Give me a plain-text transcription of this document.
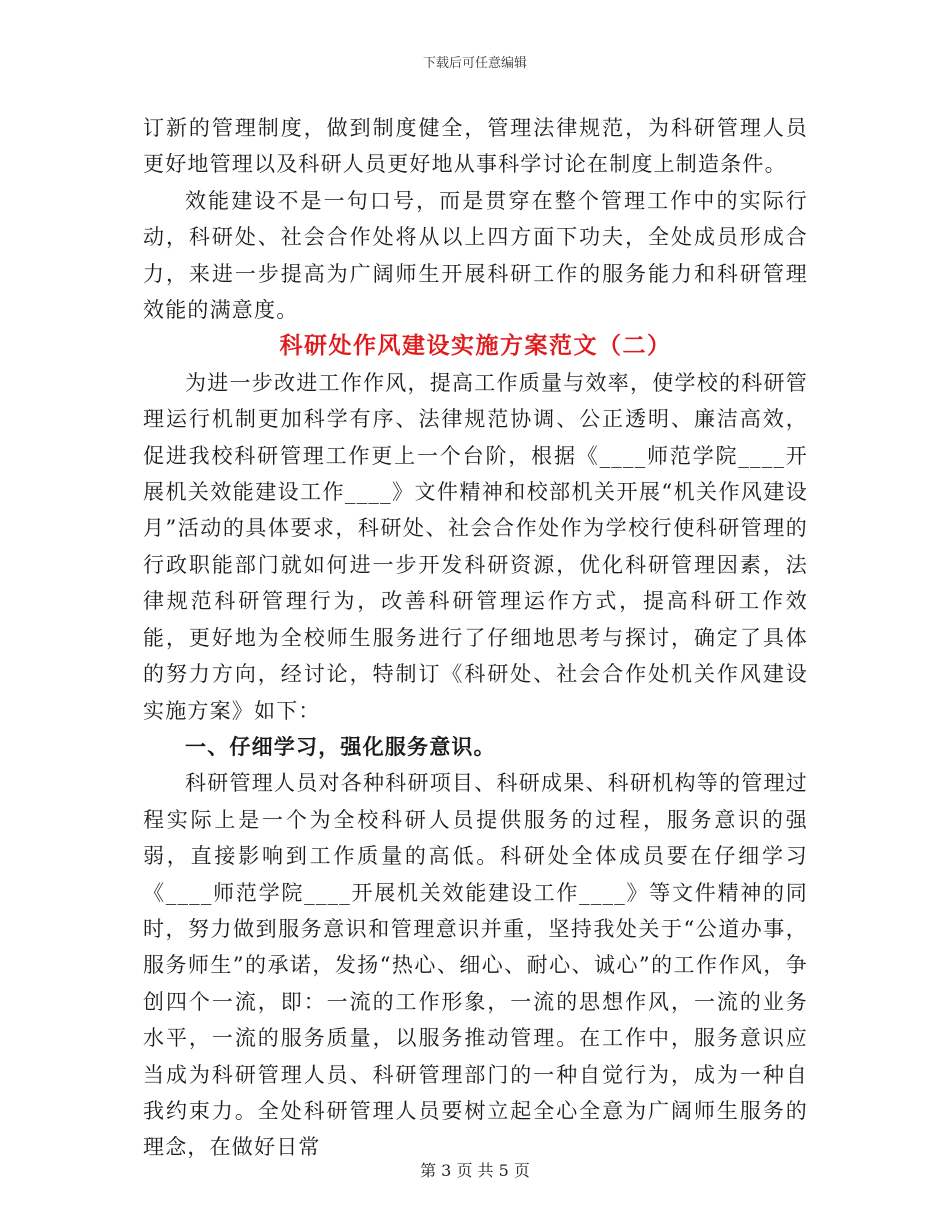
下载后可任意编辑

订新的管理制度，做到制度健全，管理法律规范，为科研管理人员更好地管理以及科研人员更好地从事科学讨论在制度上制造条件。

效能建设不是一句口号，而是贯穿在整个管理工作中的实际行动，科研处、社会合作处将从以上四方面下功夫，全处成员形成合力，来进一步提高为广阔师生开展科研工作的服务能力和科研管理效能的满意度。

科研处作风建设实施方案范文（二）

为进一步改进工作作风，提高工作质量与效率，使学校的科研管理运行机制更加科学有序、法律规范协调、公正透明、廉洁高效，促进我校科研管理工作更上一个台阶，根据《____师范学院____开展机关效能建设工作____》文件精神和校部机关开展“机关作风建设月”活动的具体要求，科研处、社会合作处作为学校行使科研管理的行政职能部门就如何进一步开发科研资源，优化科研管理因素，法律规范科研管理行为，改善科研管理运作方式，提高科研工作效能，更好地为全校师生服务进行了仔细地思考与探讨，确定了具体的努力方向，经讨论，特制订《科研处、社会合作处机关作风建设实施方案》如下：

一、仔细学习，强化服务意识。

科研管理人员对各种科研项目、科研成果、科研机构等的管理过程实际上是一个为全校科研人员提供服务的过程，服务意识的强弱，直接影响到工作质量的高低。科研处全体成员要在仔细学习《____师范学院____开展机关效能建设工作____》等文件精神的同时，努力做到服务意识和管理意识并重，坚持我处关于“公道办事，服务师生”的承诺，发扬“热心、细心、耐心、诚心”的工作作风，争创四个一流，即：一流的工作形象，一流的思想作风，一流的业务水平，一流的服务质量，以服务推动管理。在工作中，服务意识应当成为科研管理人员、科研管理部门的一种自觉行为，成为一种自我约束力。全处科研管理人员要树立起全心全意为广阔师生服务的理念，在做好日常

第 3 页 共 5 页
